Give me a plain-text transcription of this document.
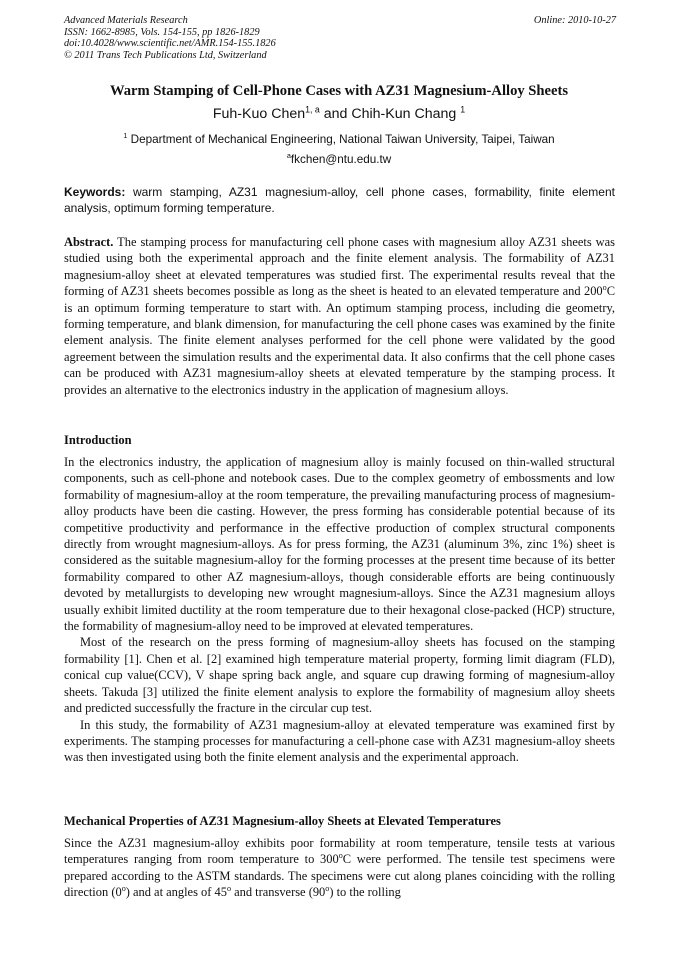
Advanced Materials Research
ISSN: 1662-8985, Vols. 154-155, pp 1826-1829
doi:10.4028/www.scientific.net/AMR.154-155.1826
© 2011 Trans Tech Publications Ltd, Switzerland
Online: 2010-10-27
Warm Stamping of Cell-Phone Cases with AZ31 Magnesium-Alloy Sheets
Fuh-Kuo Chen$^{1, a}$ and Chih-Kun Chang $^1$
$^1$ Department of Mechanical Engineering, National Taiwan University, Taipei, Taiwan
$^a$fkchen@ntu.edu.tw
Keywords: warm stamping, AZ31 magnesium-alloy, cell phone cases, formability, finite element analysis, optimum forming temperature.

Abstract. The stamping process for manufacturing cell phone cases with magnesium alloy AZ31 sheets was studied using both the experimental approach and the finite element analysis. The formability of AZ31 magnesium-alloy sheet at elevated temperatures was studied first. The experimental results reveal that the forming of AZ31 sheets becomes possible as long as the sheet is heated to an elevated temperature and 200$^o$C is an optimum forming temperature to start with. An optimum stamping process, including die geometry, forming temperature, and blank dimension, for manufacturing the cell phone cases was examined by the finite element analysis. The finite element analyses performed for the cell phone were validated by the good agreement between the simulation results and the experimental data. It also confirms that the cell phone cases can be produced with AZ31 magnesium-alloy sheets at elevated temperature by the stamping process. It provides an alternative to the electronics industry in the application of magnesium alloys.

Introduction

In the electronics industry, the application of magnesium alloy is mainly focused on thin-walled structural components, such as cell-phone and notebook cases. Due to the complex geometry of embossments and low formability of magnesium-alloy at the room temperature, the prevailing manufacturing process of magnesium-alloy products have been die casting. However, the press forming has considerable potential because of its competitive productivity and performance in the effective production of complex structural components directly from wrought magnesium-alloys. As for press forming, the AZ31 (aluminum 3%, zinc 1%) sheet is considered as the suitable magnesium-alloy for the forming processes at the present time because of its better formability compared to other AZ magnesium-alloys, though considerable efforts are being continuously devoted by metallurgists to developing new wrought magnesium-alloys. Since the AZ31 magnesium alloys usually exhibit limited ductility at the room temperature due to their hexagonal close-packed (HCP) structure, the formability of magnesium-alloy need to be improved at elevated temperatures.

Most of the research on the press forming of magnesium-alloy sheets has focused on the stamping formability [1]. Chen et al. [2] examined high temperature material property, forming limit diagram (FLD), conical cup value(CCV), V shape spring back angle, and square cup drawing forming of magnesium-alloy sheets. Takuda [3] utilized the finite element analysis to explore the formability of magnesium alloy sheets and predicted successfully the fracture in the circular cup test.

In this study, the formability of AZ31 magnesium-alloy at elevated temperature was examined first by experiments. The stamping processes for manufacturing a cell-phone case with AZ31 magnesium-alloy sheets was then investigated using both the finite element analysis and the experimental approach.

Mechanical Properties of AZ31 Magnesium-alloy Sheets at Elevated Temperatures

Since the AZ31 magnesium-alloy exhibits poor formability at room temperature, tensile tests at various temperatures ranging from room temperature to 300$^o$C were performed. The tensile test specimens were prepared according to the ASTM standards. The specimens were cut along planes coinciding with the rolling direction (0$^o$) and at angles of 45$^o$ and transverse (90$^o$) to the rolling
